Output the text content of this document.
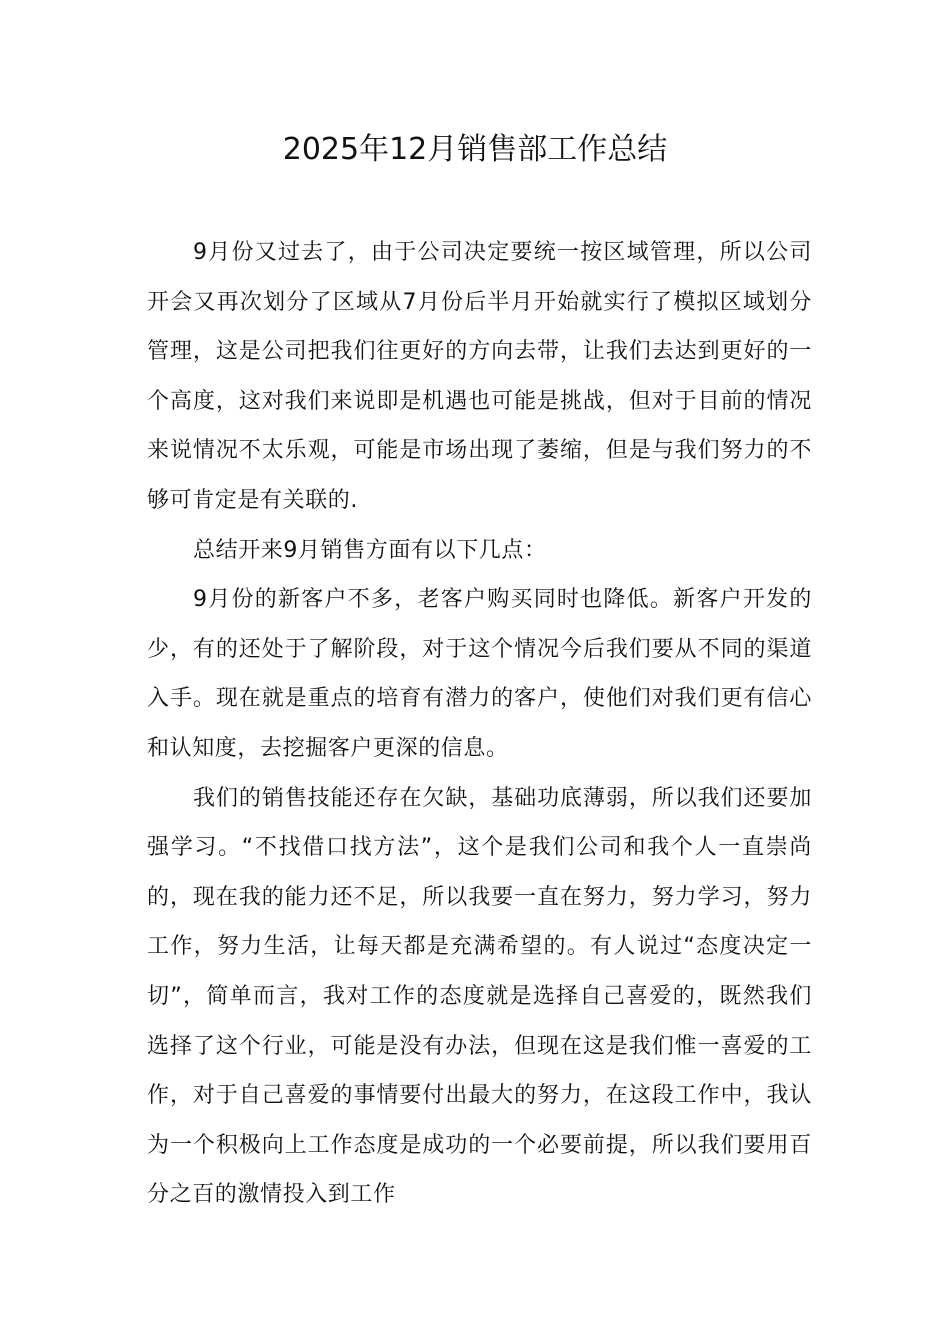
2025年12月销售部工作总结

9月份又过去了，由于公司决定要统一按区域管理，所以公司开会又再次划分了区域从7月份后半月开始就实行了模拟区域划分管理，这是公司把我们往更好的方向去带，让我们去达到更好的一个高度，这对我们来说即是机遇也可能是挑战，但对于目前的情况来说情况不太乐观，可能是市场出现了萎缩，但是与我们努力的不够可肯定是有关联的.

总结开来9月销售方面有以下几点：

9月份的新客户不多，老客户购买同时也降低。新客户开发的少，有的还处于了解阶段，对于这个情况今后我们要从不同的渠道入手。现在就是重点的培育有潜力的客户，使他们对我们更有信心和认知度，去挖掘客户更深的信息。

我们的销售技能还存在欠缺，基础功底薄弱，所以我们还要加强学习。“不找借口找方法”，这个是我们公司和我个人一直崇尚的，现在我的能力还不足，所以我要一直在努力，努力学习，努力工作，努力生活，让每天都是充满希望的。有人说过“态度决定一切”，简单而言，我对工作的态度就是选择自己喜爱的，既然我们选择了这个行业，可能是没有办法，但现在这是我们惟一喜爱的工作，对于自己喜爱的事情要付出最大的努力，在这段工作中，我认为一个积极向上工作态度是成功的一个必要前提，所以我们要用百分之百的激情投入到工作
